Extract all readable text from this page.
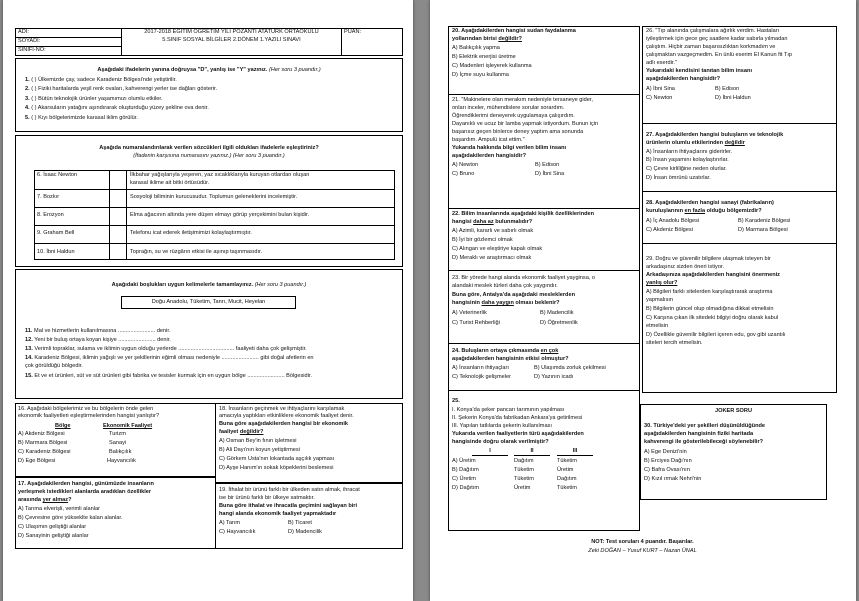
ADI:
SOYADI:
SINIFI-NO:
2017-2018 EĞİTİM ÖĞRETİM YILI POZANTI ATATÜRK ORTAOKULU
5.SINIF SOSYAL BİLGİLER 2.DÖNEM 1.YAZILI SINAVI
PUAN:
Aşağıdaki ifadelerin yanına doğruysa "D", yanlış ise "Y" yazınız. (Her soru 3 puandır.)
1. ( ) Ülkemizde çay, sadece Karadeniz Bölgesi'nde yetiştirilir.
2. ( ) Fiziki haritalarda yeşil renk ovaları, kahverengi yerler ise dağları gösterir.
3. ( ) Bütün teknolojik ürünler yaşamımızı olumlu etkiler.
4. ( ) Akarsuların yatağını aşındırarak oluşturduğu yüzey şekline ova denir.
5. ( ) Kıyı bölgelerimizde karasal iklim görülür.
Aşağıda numaralandırılarak verilen sözcükleri ilgili oldukları ifadelerle eşleştiriniz?
(İfadenin karşısına numarasını yazınız.) (Her soru 3 puandır.)
6. İsaac Newton	İlkbahar yağışlarıyla yeşeren, yaz sıcaklıklarıyla kuruyan otlardan oluşan
karasal iklime ait bitki örtüsüdür.
7. Bozkır	Sosyoloji biliminin kurucusudur. Toplumun geleneklerini incelemiştir.
8. Erozyon	Elma ağacının altında yere düşen elmayı görüp yerçekimini bulan kişidir.
9. Graham Bell	Telefonu icat ederek iletişimimizi kolaylaştırmıştır.
10. İbni Haldun	Toprağın, su ve rüzgârın etkisi ile aşınıp taşınmasıdır.
Aşağıdaki boşlukları uygun kelimelerle tamamlayınız. (Her soru 3 puandır.)
Doğu Anadolu, Tüketim, Tanrı, Mucit, Heyelan
11. Mal ve hizmetlerin kullanılmasına ........................ denir.
12. Yeni bir buluş ortaya koyan kişiye ........................ denir.
13. Verimli topraklar, sulama ve iklimin uygun olduğu yerlerde .................................... faaliyeti daha çok gelişmiştir.
14. Karadeniz Bölgesi, iklimin yağışlı ve yer şekillerinin eğimli olması nedeniyle ........................ gibi doğal afetlerin en
çok görüldüğü bölgedir.
15. Et ve et ürünleri, süt ve süt ürünleri gibi fabrika ve tesisler kurmak için en uygun bölge ........................ Bölgesidir.
16. Aşağıdaki bölgelerimiz ve bu bölgelerin önde gelen
ekonomik faaliyetleri eşleştirmelerinden hangisi yanlıştır?
Bölge	Ekonomik Faaliyet
A) Akdeniz Bölgesi	Turizm
B) Marmara Bölgesi	Sanayi
C) Karadeniz Bölgesi	Balıkçılık
D) Ege Bölgesi	Hayvancılık
17. Aşağıdakilerden hangisi, günümüzde insanların
yerleşmek istedikleri alanlarda aradıkları özellikler
arasında yer almaz?
A) Tarıma elverişli, verimli alanlar
B) Çevresine göre yükseklte kalan alanlar.
C) Ulaşımın geliştiği alanlar
D) Sanayinin geliştiği alanlar
18. İnsanların geçinmek ve ihtiyaçlarını karşılamak
amacıyla yaptıkları etkinliklere ekonomik faaliyet denir.
Buna göre aşağıdakilerden hangisi bir ekonomik
faaliyet değildir?
A) Osman Bey'in fının işletmesi
B) Ali Dayı'nın koyun yetiştirmesi
C) Görkem Usta'nın lokantada aşçılık yapması
D) Ayşe Hanım'ın sokak köpeklerini beslemesi
19. İthalat bir ürünü farklı bir ülkeden satın almak, ihracat
ise bir ürünü farklı bir ülkeye satmaktır.
Buna göre ithalat ve ihracatla geçimini sağlayan biri
hangi alanda ekonomik faaliyet yapmaktadır
A) Tarım	B) Ticaret
C) Hayvancılık	D) Madencilik
20. Aşağıdakilerden hangisi sudan faydalanma
yollarından birisi değildir?
A) Balıkçılık yapma
B) Elektrik enerjisi üretme
C) Madenleri işleyerek kullanma
D) İçme suyu kullanma
21. "Makinelere olan merakım nedeniyle tersaneye gider,
onları inceler, mühendislere sorular sorardım.
Öğrendiklerimi deneyerek uygulamaya çalışırdım.
Dayanıklı ve ucuz bir lamba yapmak istiyordum. Bunun için
başarısız geçen binlerce deney yaptım ama sonunda
başardım. Ampulü icat ettim."
Yukarıda hakkında bilgi verilen bilim insanı
aşağıdakilerden hangisidir?
A) Newton	B) Edison
C) Bruno	D) İbni Sina
22. Bilim insanlarında aşağıdaki kişilik özelliklerinden
hangisi daha az bulunmalıdır?
A) Azimli, kararlı ve sabırlı olmak
B) İyi bir gözlemci olmak
C) Alıngan ve eleştiriye kapalı olmak
D) Meraklı ve araştırmacı olmak
23. Bir yörede hangi alanda ekonomik faaliyet yayginsa, o
alandaki meslek türleri daha çok yaygındır.
Buna göre, Antalya'da aşağıdaki mesleklerden
hangisinin daha yaygın olması beklenir?
A) Veterinerlik	B) Madencilik
C) Turist Rehberliği	D) Öğretmenlik
24. Buluşların ortaya çıkmasında en çok
aşağıdakilerden hangisinin etkisi olmuştur?
A) İnsanların ihtiyaçları	B) Ulaşımda zorluk çekilmesi
C) Teknolojik gelişmeler	D) Yazının icadı
25.
I. Konya'da şeker pancarı tarımının yapılması
II. Şekerin Konya'da fabrikadan Ankara'ya getirilmesi
III. Yapılan tatlılarda şekerin kullanılması
Yukarıda verilen faaliyetlerin türü aşağıdakilerden
hangisinde doğru olarak verilmiştir?
I	II	III
A) Üretim	Dağıtım	Tüketim
B) Dağıtım	Tüketim	Üretim
C) Üretim	Tüketim	Dağıtım
D) Dağıtım	Üretim	Tüketim
26. "Tıp alanında çalışmalara ağırlık verdim. Hastaları
iyileştirmek için gece geç saatlere kadar sabırla yılmadan
çalıştım. Hiçbir zaman başarısızlıktan korkmadım ve
çalışmaktan vazgeçmedim. En ünlü eserim El Kanun fit Tıp
adlı eserdir."
Yukarıdaki kendisini tanıtan bilim insanı
aşağıdakilerden hangisidir?
A) İbni Sina	B) Edison
C) Newton	D) İbni Haldun
27. Aşağıdakilerden hangisi buluşların ve teknolojik
ürünlerin olumlu etkilerinden değildir
A) İnsanların ihtiyaçlarını giderirler.
B) İnsan yaşamını kolaylaştırırlar.
C) Çevre kirliliğine neden olurlar.
D) İnsan ömrünü uzatırlar.
28. Aşağıdakilerden hangisi sanayi (fabrikaların)
kuruluşlarının en fazla olduğu bölgemizdir?
A) İç Anadolu Bölgesi	B) Karadeniz Bölgesi
C) Akdeniz Bölgesi	D) Marmara Bölgesi
29. Doğru ve güvenilir bilgilere ulaşmak isteyen bir
arkadaşınız sizden öneri istiyor.
Arkadaşınıza aşağıdakilerden hangisini önermeniz
yanlış olur?
A) Bilgileri farklı sitelerden karşılaştırarak araştırma
yapmalısın
B) Bilgilerin güncel olup olmadığına dikkat etmelisin
C) Karşına çıkan ilk sitedeki bilgiyi doğru olarak kabul
etmelisin
D) Özellikle güvenilir bilgileri içeren edu, gov gibi uzantılı
siteleri tercih etmelisin.
JOKER SORU
30. Türkiye'deki yer şekilleri düşünüldüğünde
aşağıdakilerden hangisinin fiziki haritada
kahverengi ile gösterilebileceği söylenebilir?
A) Ege Denizi'nin
B) Erciyes Dağı'nın
C) Bafra Ovası'nın
D) Kızıl ırmak Nehri'nin
NOT: Test soruları 4 puandır. Başarılar.
Zeki DOĞAN – Yusuf KURT – Nazan ÜNAL
